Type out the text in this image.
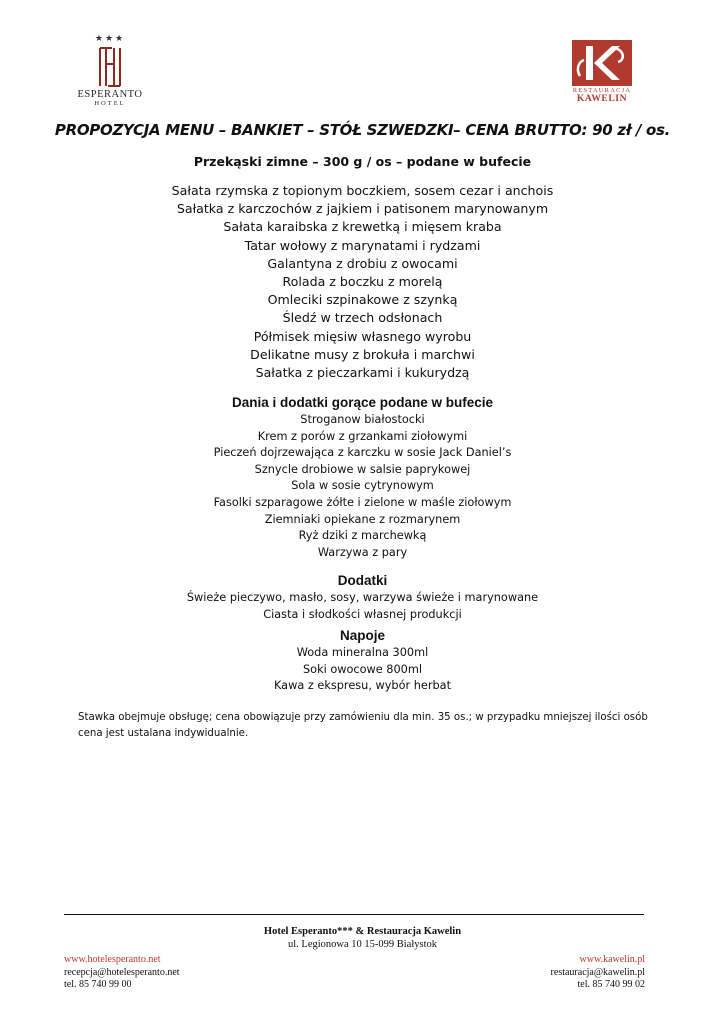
★★★
ESPERANTO
HOTEL
RESTAURACJA
KAWELIN
PROPOZYCJA MENU – BANKIET – STÓŁ SZWEDZKI– CENA BRUTTO: 90 zł / os.
Przekąski zimne – 300 g / os – podane w bufecie
Sałata rzymska z topionym boczkiem, sosem cezar i anchois
Sałatka z karczochów z jajkiem i patisonem marynowanym
Sałata karaibska z krewetką i mięsem kraba
Tatar wołowy z marynatami i rydzami
Galantyna z drobiu z owocami
Rolada z boczku z morelą
Omleciki szpinakowe z szynką
Śledź w trzech odsłonach
Półmisek mięsiw własnego wyrobu
Delikatne musy z brokuła i marchwi
Sałatka z pieczarkami i kukurydzą
Dania i dodatki gorące podane w bufecie
Stroganow białostocki
Krem z porów z grzankami ziołowymi
Pieczeń dojrzewająca z karczku w sosie Jack Daniel’s
Sznycle drobiowe w salsie paprykowej
Sola w sosie cytrynowym
Fasolki szparagowe żółte i zielone w maśle ziołowym
Ziemniaki opiekane z rozmarynem
Ryż dziki z marchewką
Warzywa z pary
Dodatki
Świeże pieczywo, masło, sosy, warzywa świeże i marynowane
Ciasta i słodkości własnej produkcji
Napoje
Woda mineralna 300ml
Soki owocowe 800ml
Kawa z ekspresu, wybór herbat
Stawka obejmuje obsługę; cena obowiązuje przy zamówieniu dla min. 35 os.; w przypadku mniejszej ilości osób cena jest ustalana indywidualnie.
Hotel Esperanto*** & Restauracja Kawelin
ul. Legionowa 10 15-099 Białystok
www.hotelesperanto.net
recepcja@hotelesperanto.net
tel. 85 740 99 00
www.kawelin.pl
restauracja@kawelin.pl
tel. 85 740 99 02
